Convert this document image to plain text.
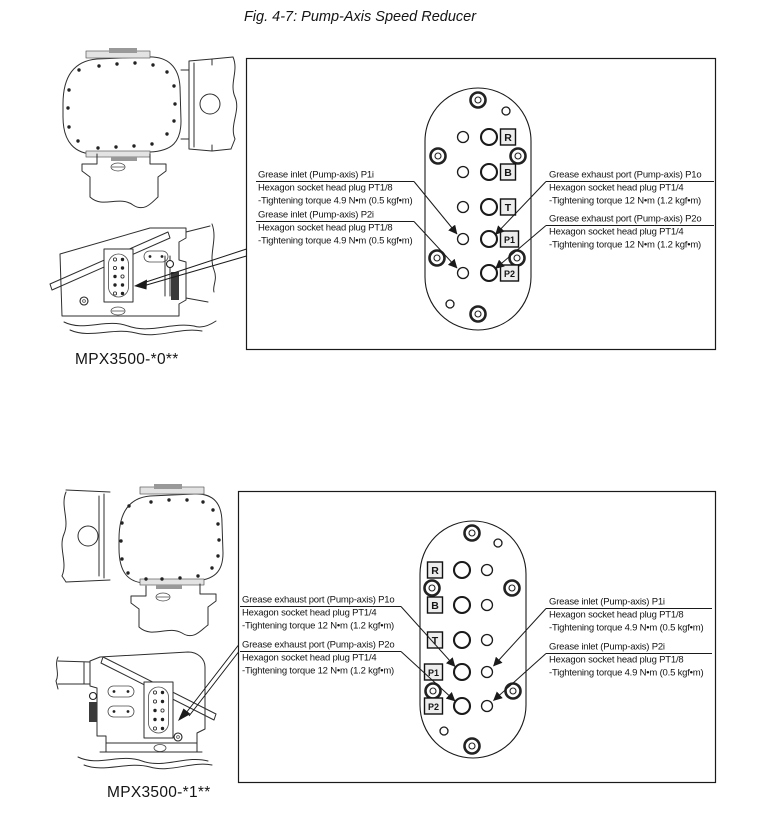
Fig. 4-7: Pump-Axis Speed Reducer
MPX3500-*0**
R
B
T
P1
P2
Grease inlet (Pump-axis) P1i
Hexagon socket head plug PT1/8
-Tightening torque 4.9 N•m (0.5 kgf•m)
Grease inlet (Pump-axis) P2i
Hexagon socket head plug PT1/8
-Tightening torque 4.9 N•m (0.5 kgf•m)
Grease exhaust port (Pump-axis) P1o
Hexagon socket head plug PT1/4
-Tightening torque 12 N•m (1.2 kgf•m)
Grease exhaust port (Pump-axis) P2o
Hexagon socket head plug PT1/4
-Tightening torque 12 N•m (1.2 kgf•m)
MPX3500-*1**
R
B
T
P1
P2
Grease exhaust port (Pump-axis) P1o
Hexagon socket head plug PT1/4
-Tightening torque 12 N•m (1.2 kgf•m)
Grease exhaust port (Pump-axis) P2o
Hexagon socket head plug PT1/4
-Tightening torque 12 N•m (1.2 kgf•m)
Grease inlet (Pump-axis) P1i
Hexagon socket head plug PT1/8
-Tightening torque 4.9 N•m (0.5 kgf•m)
Grease inlet (Pump-axis) P2i
Hexagon socket head plug PT1/8
-Tightening torque 4.9 N•m (0.5 kgf•m)
